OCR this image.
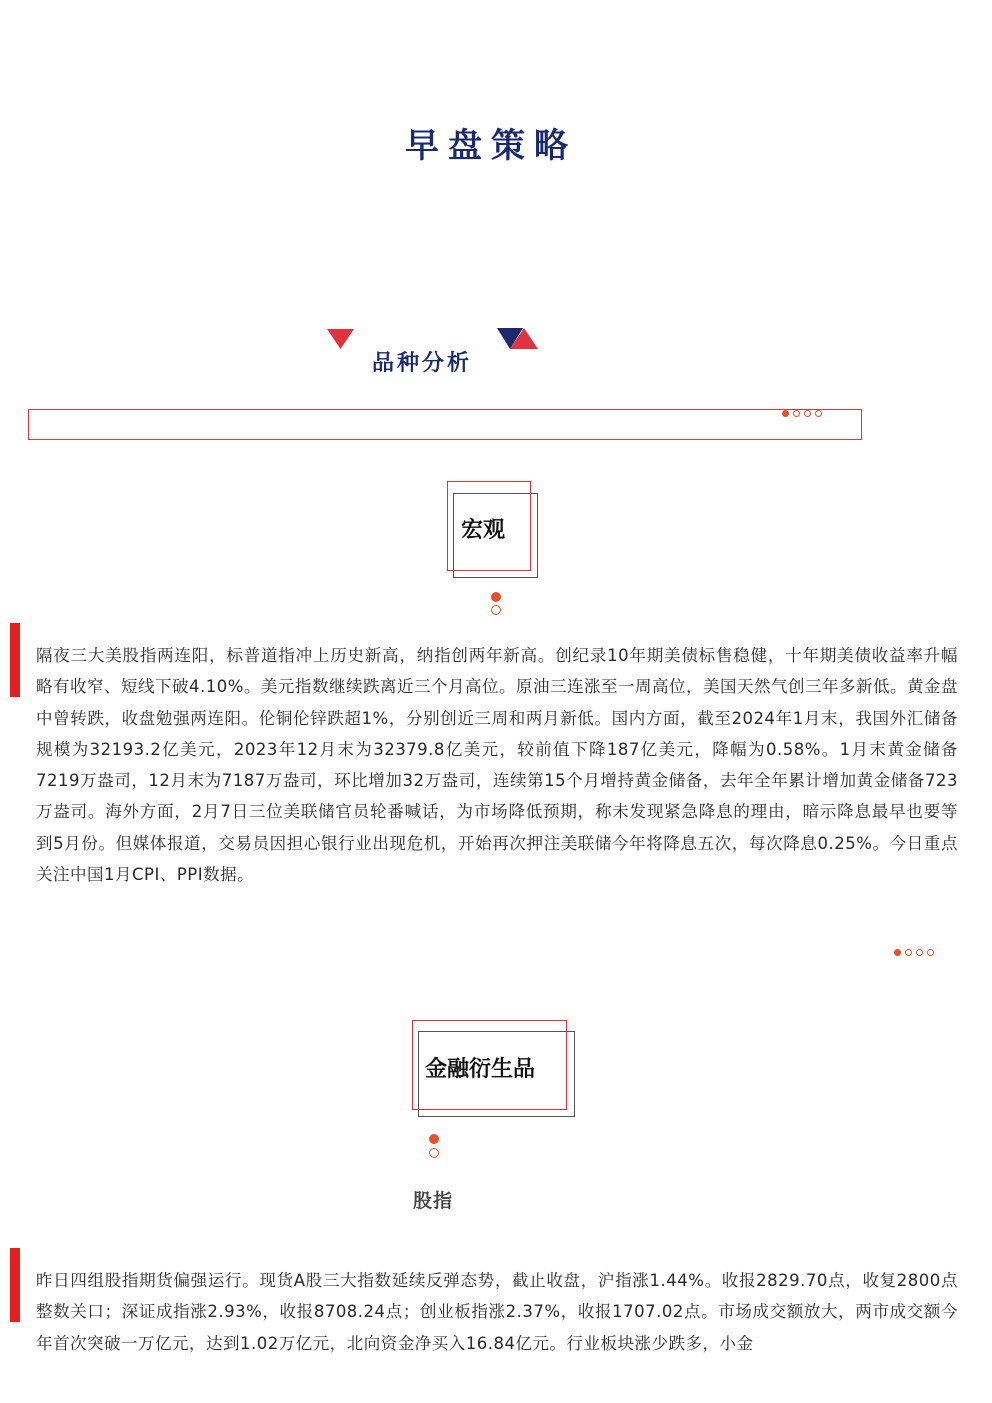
早盘策略
品种分析
宏观

隔夜三大美股指两连阳，标普道指冲上历史新高，纳指创两年新高。创纪录10年期美债标售稳健，十年期美债收益率升幅略有收窄、短线下破4.10%。美元指数继续跌离近三个月高位。原油三连涨至一周高位，美国天然气创三年多新低。黄金盘中曾转跌，收盘勉强两连阳。伦铜伦锌跌超1%，分别创近三周和两月新低。国内方面，截至2024年1月末，我国外汇储备规模为32193.2亿美元，2023年12月末为32379.8亿美元，较前值下降187亿美元，降幅为0.58%。1月末黄金储备7219万盎司，12月末为7187万盎司，环比增加32万盎司，连续第15个月增持黄金储备，去年全年累计增加黄金储备723万盎司。海外方面，2月7日三位美联储官员轮番喊话，为市场降低预期，称未发现紧急降息的理由，暗示降息最早也要等到5月份。但媒体报道，交易员因担心银行业出现危机，开始再次押注美联储今年将降息五次，每次降息0.25%。今日重点关注中国1月CPI、PPI数据。

金融衍生品
股指

昨日四组股指期货偏强运行。现货A股三大指数延续反弹态势，截止收盘，沪指涨1.44%。收报2829.70点，收复2800点整数关口；深证成指涨2.93%，收报8708.24点；创业板指涨2.37%，收报1707.02点。市场成交额放大，两市成交额今年首次突破一万亿元，达到1.02万亿元，北向资金净买入16.84亿元。行业板块涨少跌多，小金
